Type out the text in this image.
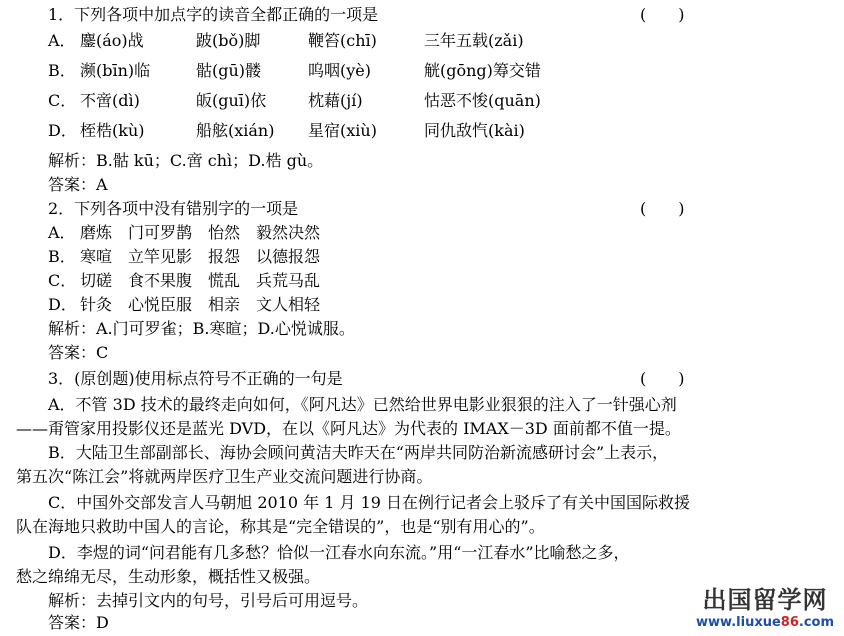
1．下列各项中加点字的读音全都正确的一项是	(　　)
A． 鏖(áo)战	跛(bǒ)脚	鞭笞(chī)	三年五载(zǎi)
B． 濒(bīn)临	骷(gū)髅	呜咽(yè)	觥(gōng)筹交错
C． 不啻(dì)	皈(guī)依	枕藉(jí)	怙恶不悛(quān)
D． 桎梏(kù)	船舷(xián) 星宿(xiù)	同仇敌忾(kài)
解析：B.骷 kū；C.啻 chì；D.梏 gù。
答案：A
2．下列各项中没有错别字的一项是	(　　)
A． 磨炼　门可罗鹊　怡然　毅然决然
B． 寒喧　立竿见影　报怨　以德报怨
C． 切磋　食不果腹　慌乱　兵荒马乱
D． 针灸　心悦臣服　相亲　文人相轻
解析：A.门可罗雀；B.寒暄；D.心悦诚服。
答案：C
3．(原创题)使用标点符号不正确的一句是	(　　)
A．不管 3D 技术的最终走向如何，《阿凡达》已然给世界电影业狠狠的注入了一针强心剂
——甭管家用投影仪还是蓝光 DVD，在以《阿凡达》为代表的 IMAX－3D 面前都不值一提。
B．大陆卫生部副部长、海协会顾问黄洁夫昨天在“两岸共同防治新流感研讨会”上表示，
第五次“陈江会”将就两岸医疗卫生产业交流问题进行协商。
C．中国外交部发言人马朝旭 2010 年 1 月 19 日在例行记者会上驳斥了有关中国国际救援
队在海地只救助中国人的言论，称其是“完全错误的”，也是“别有用心的”。
D．李煜的词“问君能有几多愁？恰似一江春水向东流。”用“一江春水”比喻愁之多，
愁之绵绵无尽，生动形象，概括性又极强。
解析：去掉引文内的句号，引号后可用逗号。
答案：D
出国留学网
www.liuxue86.com
